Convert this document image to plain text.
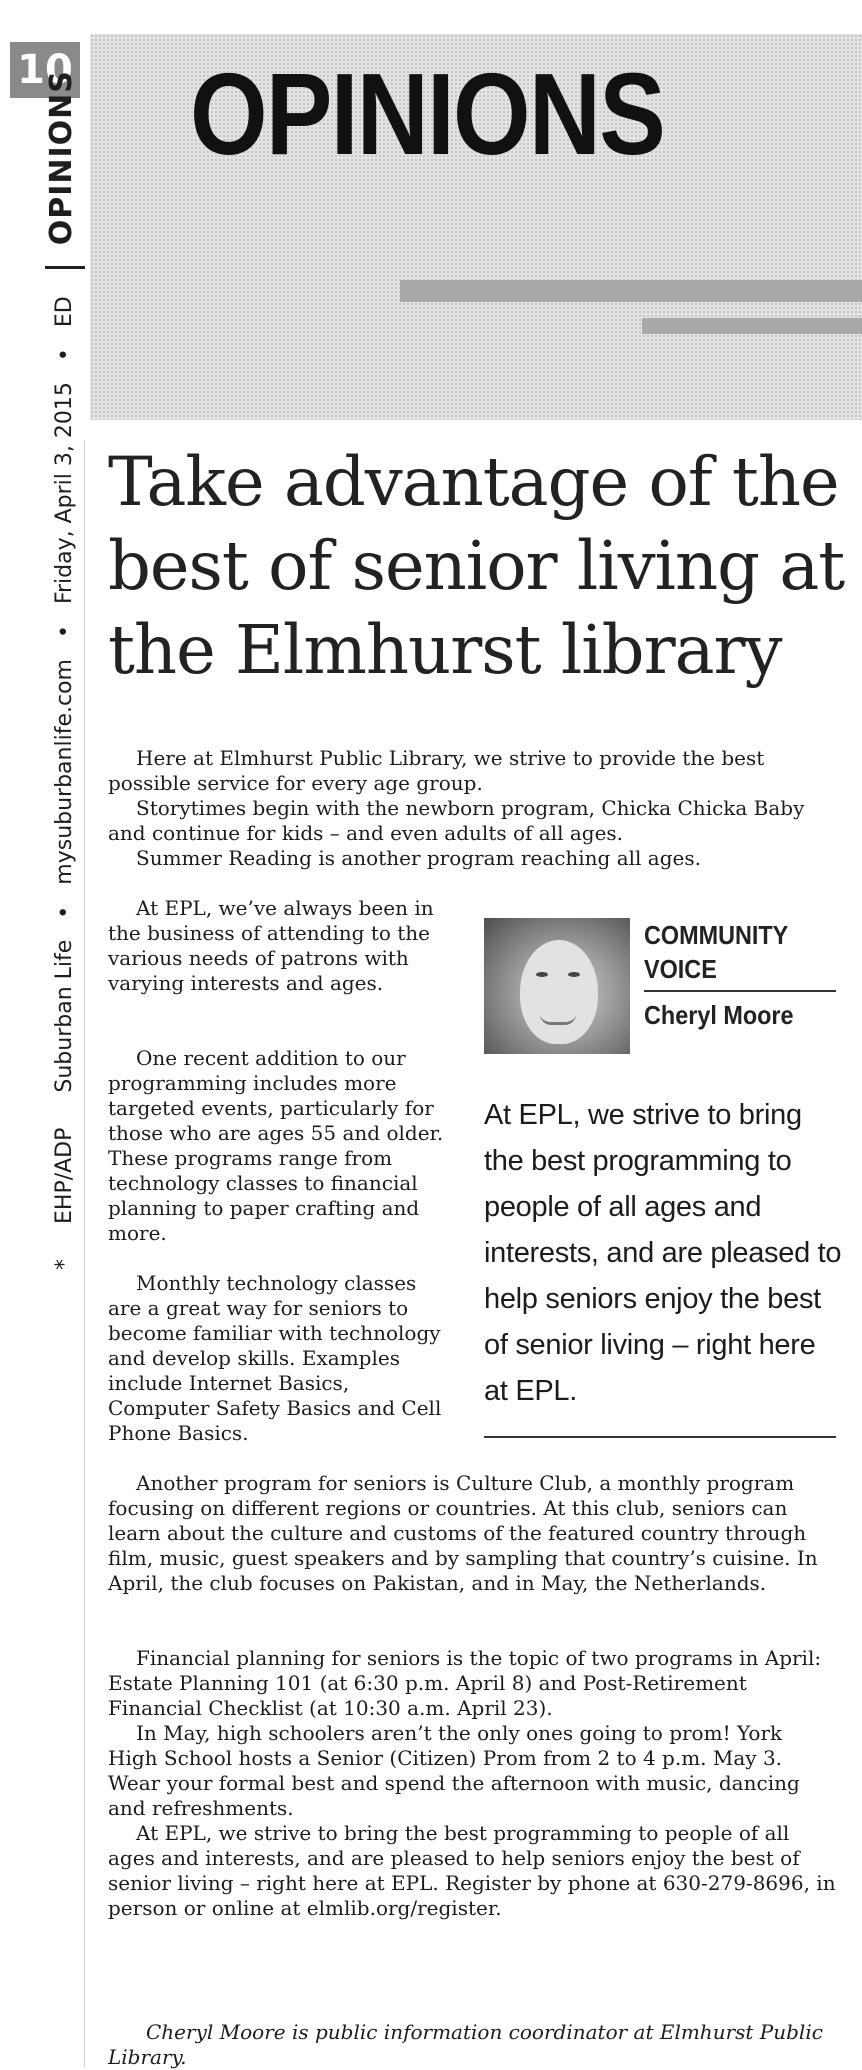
10
* EHP/ADP Suburban Life • mysuburbanlife.com • Friday, April 3, 2015 • ED  OPINIONS OPINIONS
Take advantage of the best of senior living at the Elmhurst library

Here at Elmhurst Public Library, we strive to provide the best possible service for every age group.

Storytimes begin with the newborn program, Chicka Chicka Baby and continue for kids – and even adults of all ages.

Summer Reading is another program reaching all ages.

At EPL, we’ve always been in the business of attending to the various needs of patrons with varying interests and ages.

One recent addition to our programming includes more targeted events, particularly for those who are ages 55 and older. These programs range from technology classes to financial planning to paper crafting and more.

Monthly technology classes are a great way for seniors to become familiar with technology and develop skills. Examples include Internet Basics, Computer Safety Basics and Cell Phone Basics.

Another program for seniors is Culture Club, a monthly program focusing on different regions or countries. At this club, seniors can learn about the culture and customs of the featured country through film, music, guest speakers and by sampling that country’s cuisine. In April, the club focuses on Pakistan, and in May, the Netherlands.

Financial planning for seniors is the topic of two programs in April: Estate Planning 101 (at 6:30 p.m. April 8) and Post-Retirement Financial Checklist (at 10:30 a.m. April 23).

In May, high schoolers aren’t the only ones going to prom! York High School hosts a Senior (Citizen) Prom from 2 to 4 p.m. May 3. Wear your formal best and spend the afternoon with music, dancing and refreshments.

At EPL, we strive to bring the best programming to people of all ages and interests, and are pleased to help seniors enjoy the best of senior living – right here at EPL. Register by phone at 630-279-8696, in person or online at elmlib.org/register.

COMMUNITY VOICE
Cheryl Moore

At EPL, we strive to bring the best programming to people of all ages and interests, and are pleased to help seniors enjoy the best of senior living – right here at EPL.

Cheryl Moore is public information coordinator at Elmhurst Public Library.
